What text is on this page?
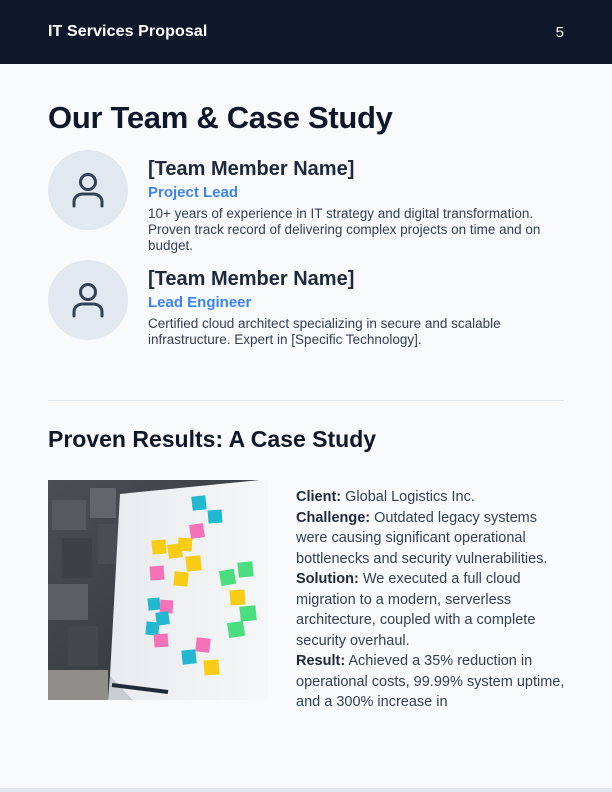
IT Services Proposal	5
Our Team & Case Study
[Team Member Name]
Project Lead
10+ years of experience in IT strategy and digital transformation. Proven track record of delivering complex projects on time and on budget.
[Team Member Name]
Lead Engineer
Certified cloud architect specializing in secure and scalable infrastructure. Expert in [Specific Technology].
Proven Results: A Case Study

Client: Global Logistics Inc.

Challenge: Outdated legacy systems were causing significant operational bottlenecks and security vulnerabilities.

Solution: We executed a full cloud migration to a modern, serverless architecture, coupled with a complete security overhaul.

Result: Achieved a 35% reduction in operational costs, 99.99% system uptime, and a 300% increase in
